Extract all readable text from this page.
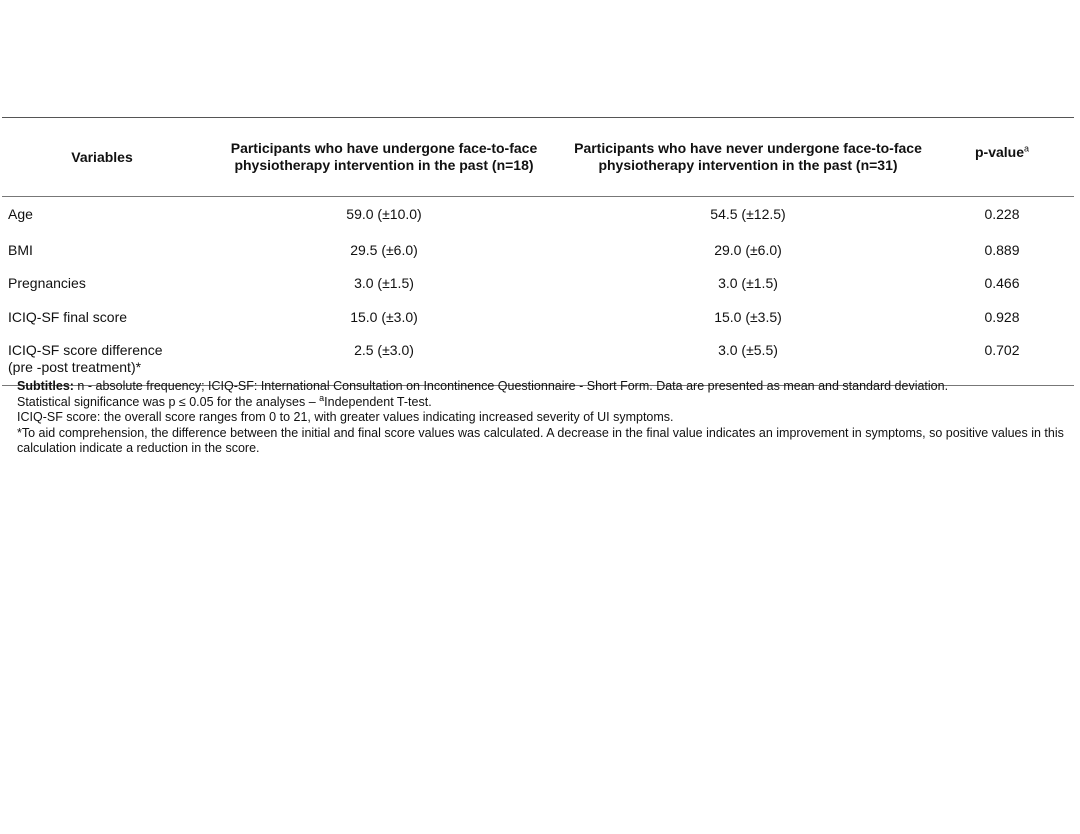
Variables	Participants who have undergone face-to-face physiotherapy intervention in the past (n=18)	Participants who have never undergone face-to-face physiotherapy intervention in the past (n=31)	p-value$^a$
Age	59.0 (±10.0)	54.5 (±12.5)	0.228
BMI	29.5 (±6.0)	29.0 (±6.0)	0.889
Pregnancies	3.0 (±1.5)	3.0 (±1.5)	0.466
ICIQ-SF final score	15.0 (±3.0)	15.0 (±3.5)	0.928

ICIQ-SF score difference
(pre -post treatment)*	2.5 (±3.0)	3.0 (±5.5)	0.702

Subtitles: n - absolute frequency; ICIQ-SF: International Consultation on Incontinence Questionnaire - Short Form. Data are presented as mean and standard deviation.

Statistical significance was p ≤ 0.05 for the analyses – $^a$Independent T-test.

ICIQ-SF score: the overall score ranges from 0 to 21, with greater values indicating increased severity of UI symptoms.

*To aid comprehension, the difference between the initial and final score values was calculated. A decrease in the final value indicates an improvement in symptoms, so positive values in this calculation indicate a reduction in the score.
